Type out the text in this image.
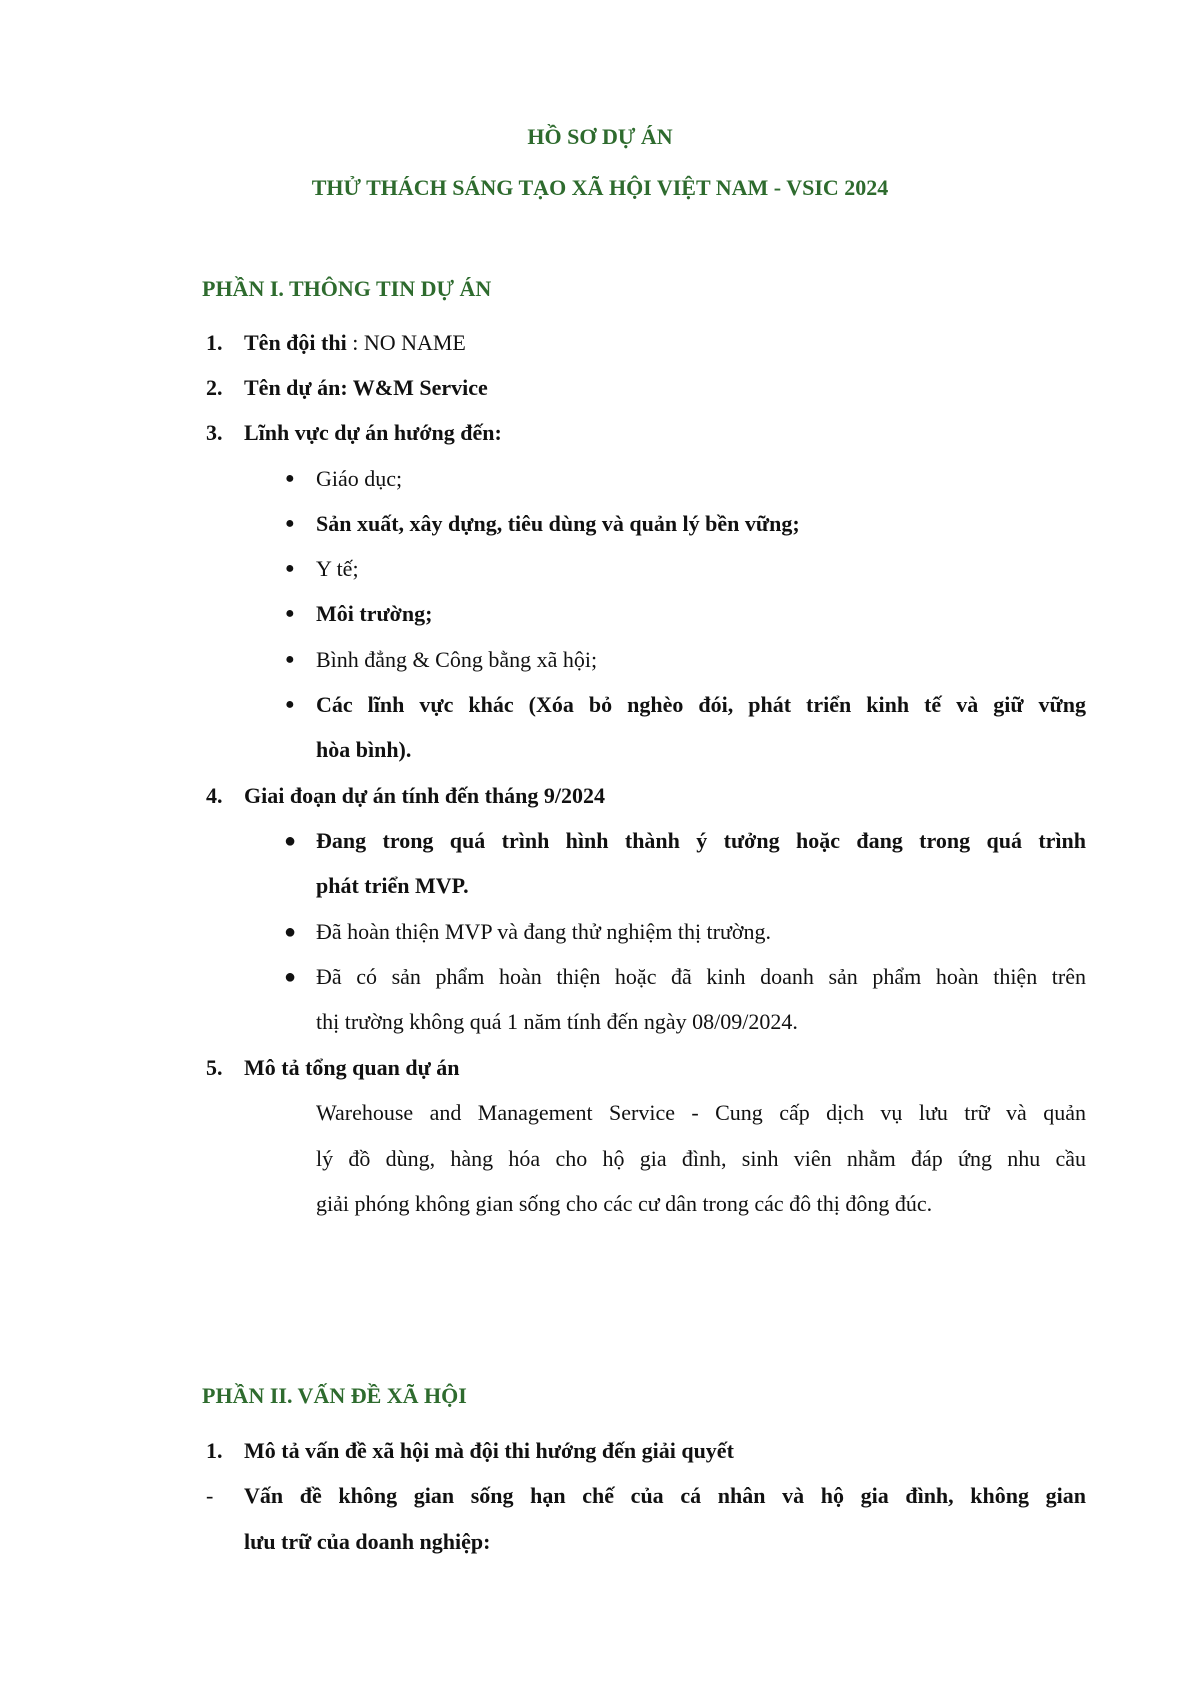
HỒ SƠ DỰ ÁN
THỬ THÁCH SÁNG TẠO XÃ HỘI VIỆT NAM - VSIC 2024
PHẦN I. THÔNG TIN DỰ ÁN
1. Tên đội thi : NO NAME
2. Tên dự án: W&M Service
3. Lĩnh vực dự án hướng đến:
● Giáo dục;
● Sản xuất, xây dựng, tiêu dùng và quản lý bền vững;
● Y tế;
● Môi trường;
● Bình đẳng & Công bằng xã hội;
● Các lĩnh vực khác (Xóa bỏ nghèo đói, phát triển kinh tế và giữ vững
hòa bình).
4. Giai đoạn dự án tính đến tháng 9/2024
● Đang trong quá trình hình thành ý tưởng hoặc đang trong quá trình
phát triển MVP.
● Đã hoàn thiện MVP và đang thử nghiệm thị trường.
● Đã có sản phẩm hoàn thiện hoặc đã kinh doanh sản phẩm hoàn thiện trên
thị trường không quá 1 năm tính đến ngày 08/09/2024.
5. Mô tả tổng quan dự án
Warehouse and Management Service - Cung cấp dịch vụ lưu trữ và quản
lý đồ dùng, hàng hóa cho hộ gia đình, sinh viên nhằm đáp ứng nhu cầu
giải phóng không gian sống cho các cư dân trong các đô thị đông đúc.
PHẦN II. VẤN ĐỀ XÃ HỘI
1. Mô tả vấn đề xã hội mà đội thi hướng đến giải quyết
- Vấn đề không gian sống hạn chế của cá nhân và hộ gia đình, không gian
lưu trữ của doanh nghiệp:
